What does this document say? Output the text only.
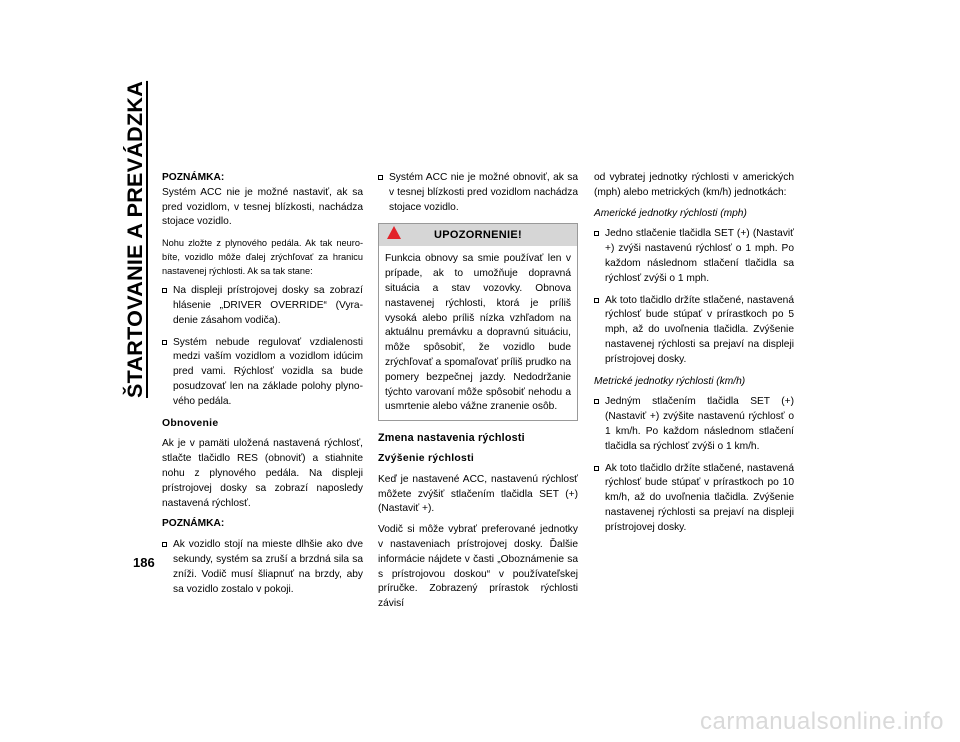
ŠTARTOVANIE A PREVÁDZKA
186

POZNÁMKA:

Systém ACC nie je možné nastaviť, ak sa pred vozidlom, v tesnej blízkosti, nachádza stojace vozidlo.

Nohu zložte z plynového pedála. Ak tak neuro-bíte, vozidlo môže ďalej zrýchľovať za hranicu nastavenej rýchlosti. Ak sa tak stane:

Na displeji prístrojovej dosky sa zobrazí hlásenie „DRIVER OVERRIDE“ (Vyra-denie zásahom vodiča).
Systém nebude regulovať vzdialenosti medzi vaším vozidlom a vozidlom idúcim pred vami. Rýchlosť vozidla sa bude posudzovať len na základe polohy plyno-vého pedála.
Obnovenie

Ak je v pamäti uložená nastavená rýchlosť, stlačte tlačidlo RES (obnoviť) a stiahnite nohu z plynového pedála. Na displeji prístrojovej dosky sa zobrazí naposledy nastavená rýchlosť.

POZNÁMKA:

Ak vozidlo stojí na mieste dlhšie ako dve sekundy, systém sa zruší a brzdná sila sa zníži. Vodič musí šliapnuť na brzdy, aby sa vozidlo zostalo v pokoji.
Systém ACC nie je možné obnoviť, ak sa v tesnej blízkosti pred vozidlom nachádza stojace vozidlo.
UPOZORNENIE!
Funkcia obnovy sa smie používať len v prípade, ak to umožňuje dopravná situácia a stav vozovky. Obnova nastavenej rýchlosti, ktorá je príliš vysoká alebo príliš nízka vzhľadom na aktuálnu premávku a dopravnú situáciu, môže spôsobiť, že vozidlo bude zrýchľovať a spomaľovať príliš prudko na pomery bezpečnej jazdy. Nedodržanie týchto varovaní môže spôsobiť nehodu a usmrtenie alebo vážne zranenie osôb.
Zmena nastavenia rýchlosti
Zvýšenie rýchlosti

Keď je nastavené ACC, nastavenú rýchlosť môžete zvýšiť stlačením tlačidla SET (+) (Nastaviť +).

Vodič si môže vybrať preferované jednotky v nastaveniach prístrojovej dosky. Ďalšie informácie nájdete v časti „Oboznámenie sa s prístrojovou doskou“ v používateľskej príručke. Zobrazený prírastok rýchlosti závisí

od vybratej jednotky rýchlosti v amerických (mph) alebo metrických (km/h) jednotkách:

Americké jednotky rýchlosti (mph)

Jedno stlačenie tlačidla SET (+) (Nastaviť +) zvýši nastavenú rýchlosť o 1 mph. Po každom následnom stlačení tlačidla sa rýchlosť zvýši o 1 mph.
Ak toto tlačidlo držíte stlačené, nastavená rýchlosť bude stúpať v prírastkoch po 5 mph, až do uvoľnenia tlačidla. Zvýšenie nastavenej rýchlosti sa prejaví na displeji prístrojovej dosky.

Metrické jednotky rýchlosti (km/h)

Jedným stlačením tlačidla SET (+) (Nastaviť +) zvýšite nastavenú rýchlosť o 1 km/h. Po každom následnom stlačení tlačidla sa rýchlosť zvýši o 1 km/h.
Ak toto tlačidlo držíte stlačené, nastavená rýchlosť bude stúpať v prírastkoch po 10 km/h, až do uvoľnenia tlačidla. Zvýšenie nastavenej rýchlosti sa prejaví na displeji prístrojovej dosky.
carmanualsonline.info
